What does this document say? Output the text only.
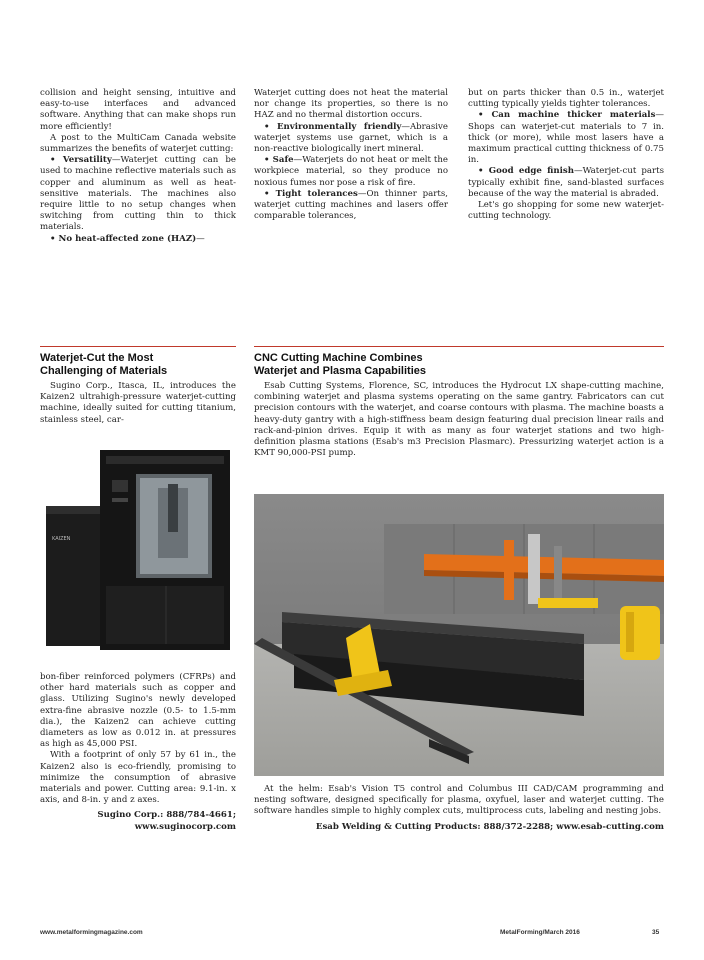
collision and height sensing, intuitive and easy-to-use interfaces and advanced software. Anything that can make shops run more efficiently!

A post to the MultiCam Canada website summarizes the benefits of waterjet cutting:

• Versatility—Waterjet cutting can be used to machine reflective materials such as copper and aluminum as well as heat-sensitive materials. The machines also require little to no setup changes when switching from cutting thin to thick materials.

• No heat-affected zone (HAZ)—

Waterjet cutting does not heat the material nor change its properties, so there is no HAZ and no thermal distortion occurs.

• Environmentally friendly—Abrasive waterjet systems use garnet, which is a non-reactive biologically inert mineral.

• Safe—Waterjets do not heat or melt the workpiece material, so they produce no noxious fumes nor pose a risk of fire.

• Tight tolerances—On thinner parts, waterjet cutting machines and lasers offer comparable tolerances,

but on parts thicker than 0.5 in., waterjet cutting typically yields tighter tolerances.

• Can machine thicker materials—Shops can waterjet-cut materials to 7 in. thick (or more), while most lasers have a maximum practical cutting thickness of 0.75 in.

• Good edge finish—Waterjet-cut parts typically exhibit fine, sand-blasted surfaces because of the way the material is abraded.

Let's go shopping for some new waterjet-cutting technology.

Waterjet-Cut the Most
Challenging of Materials

Sugino Corp., Itasca, IL, introduces the Kaizen2 ultrahigh-pressure waterjet-cutting machine, ideally suited for cutting titanium, stainless steel, car-

KAIZEN

bon-fiber reinforced polymers (CFRPs) and other hard materials such as copper and glass. Utilizing Sugino's newly developed extra-fine abrasive nozzle (0.5- to 1.5-mm dia.), the Kaizen2 can achieve cutting diameters as low as 0.012 in. at pressures as high as 45,000 PSI.

With a footprint of only 57 by 61 in., the Kaizen2 also is eco-friendly, promising to minimize the consumption of abrasive materials and power. Cutting area: 9.1-in. x axis, and 8-in. y and z axes.

Sugino Corp.: 888/784-4661;
www.suginocorp.com
CNC Cutting Machine Combines
Waterjet and Plasma Capabilities

Esab Cutting Systems, Florence, SC, introduces the Hydrocut LX shape-cutting machine, combining waterjet and plasma systems operating on the same gantry. Fabricators can cut precision contours with the waterjet, and coarse contours with plasma. The machine boasts a heavy-duty gantry with a high-stiffness beam design featuring dual precision linear rails and rack-and-pinion drives. Equip it with as many as four waterjet stations and two high-definition plasma stations (Esab's m3 Precision Plasmarc). Pressurizing waterjet action is a KMT 90,000-PSI pump.

At the helm: Esab's Vision T5 control and Columbus III CAD/CAM programming and nesting software, designed specifically for plasma, oxyfuel, laser and waterjet cutting. The software handles simple to highly complex cuts, multiprocess cuts, labeling and nesting jobs.

Esab Welding & Cutting Products: 888/372-2288; www.esab-cutting.com
www.metalformingmagazine.com	MetalForming/March 2016	35
